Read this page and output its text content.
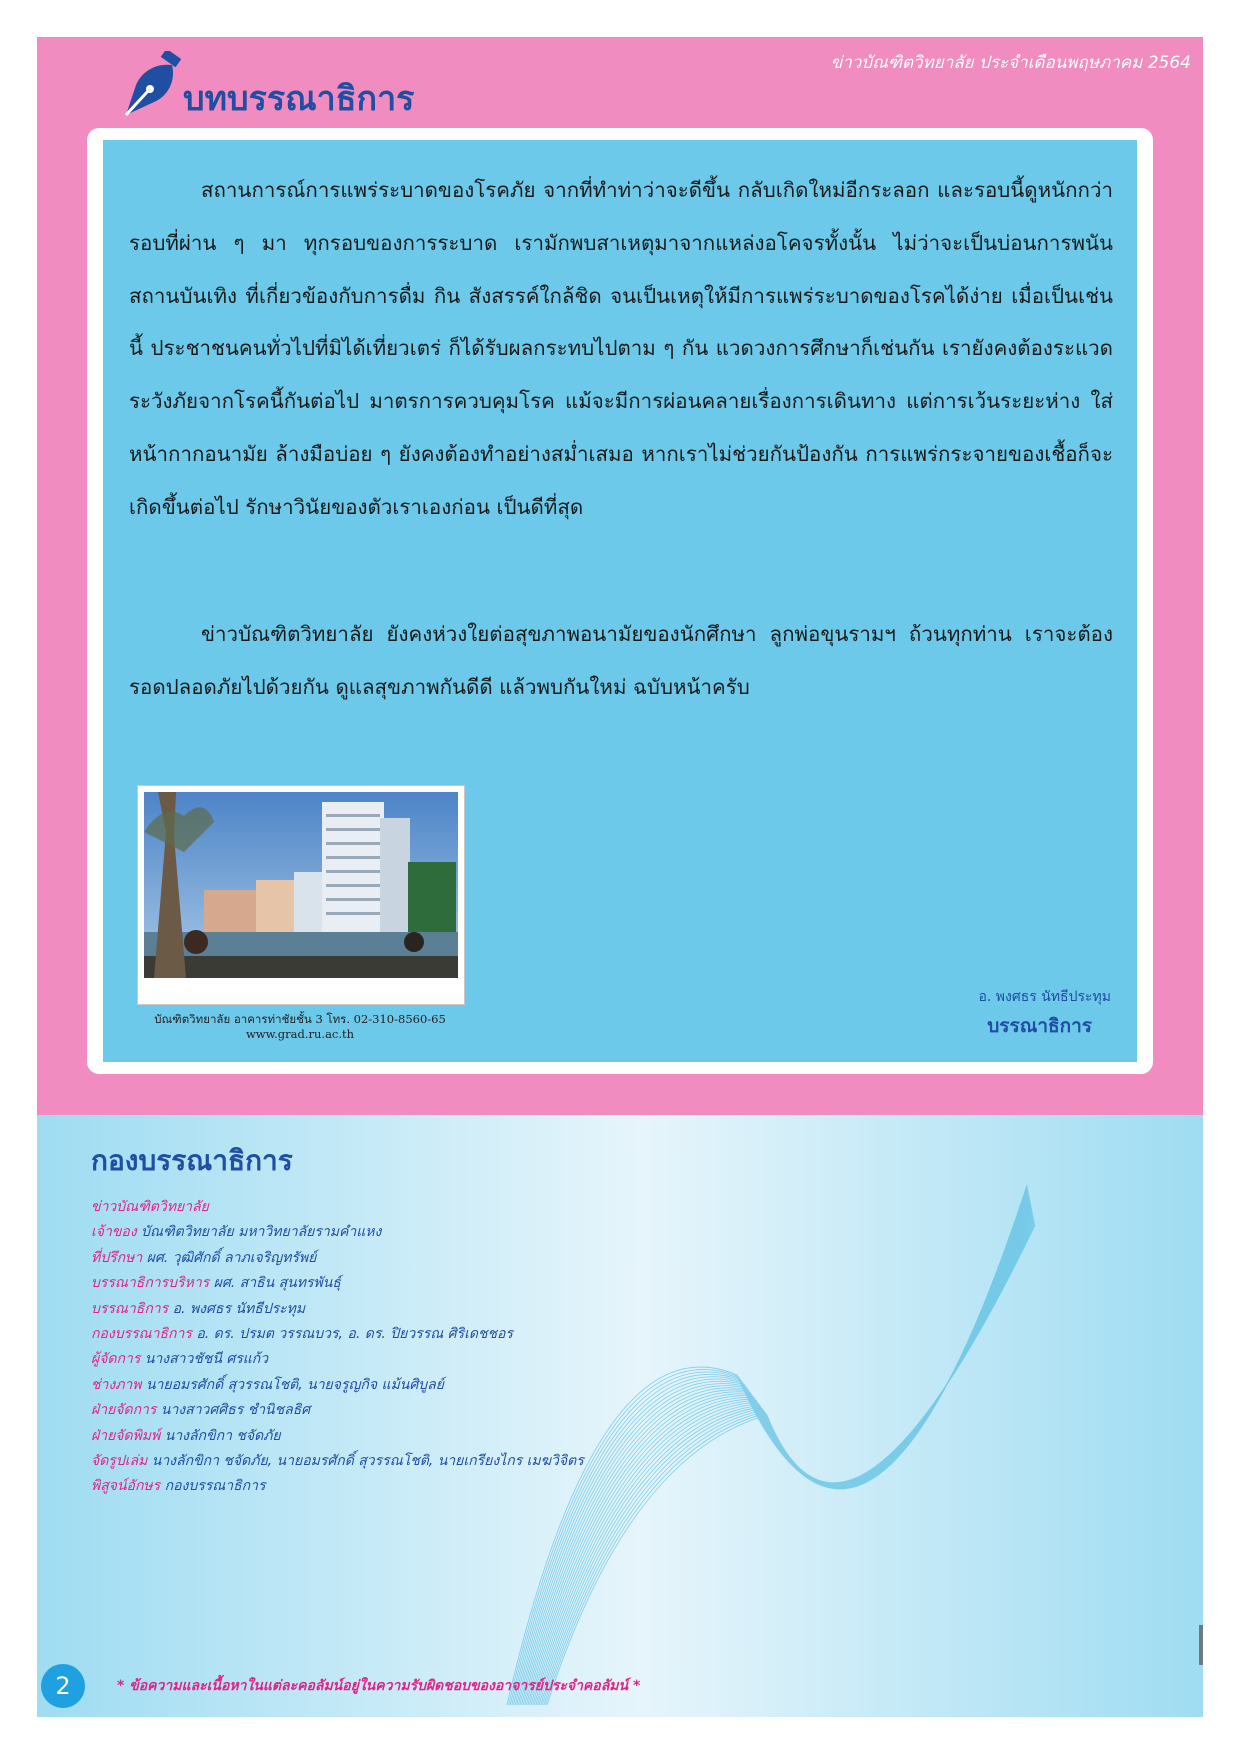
ข่าวบัณฑิตวิทยาลัย ประจำเดือนพฤษภาคม 2564
บทบรรณาธิการ
สถานการณ์การแพร่ระบาดของโรคภัย จากที่ทำท่าว่าจะดีขึ้น กลับเกิดใหม่อีกระลอก และรอบนี้ดูหนักกว่ารอบที่ผ่าน ๆ มา ทุกรอบของการระบาด เรามักพบสาเหตุมาจากแหล่งอโคจรทั้งนั้น ไม่ว่าจะเป็นบ่อนการพนัน สถานบันเทิง ที่เกี่ยวข้องกับการดื่ม กิน สังสรรค์ใกล้ชิด จนเป็นเหตุให้มีการแพร่ระบาดของโรคได้ง่าย เมื่อเป็นเช่นนี้ ประชาชนคนทั่วไปที่มิได้เที่ยวเตร่ ก็ได้รับผลกระทบไปตาม ๆ กัน แวดวงการศึกษาก็เช่นกัน เรายังคงต้องระแวดระวังภัยจากโรคนี้กันต่อไป มาตรการควบคุมโรค แม้จะมีการผ่อนคลายเรื่องการเดินทาง แต่การเว้นระยะห่าง ใส่หน้ากากอนามัย ล้างมือบ่อย ๆ ยังคงต้องทำอย่างสม่ำเสมอ หากเราไม่ช่วยกันป้องกัน การแพร่กระจายของเชื้อก็จะเกิดขึ้นต่อไป รักษาวินัยของตัวเราเองก่อน เป็นดีที่สุด
ข่าวบัณฑิตวิทยาลัย ยังคงห่วงใยต่อสุขภาพอนามัยของนักศึกษา ลูกพ่อขุนรามฯ ถ้วนทุกท่าน เราจะต้องรอดปลอดภัยไปด้วยกัน ดูแลสุขภาพกันดีดี แล้วพบกันใหม่ ฉบับหน้าครับ
บัณฑิตวิทยาลัย อาคารท่าชัยชั้น 3 โทร. 02-310-8560-65
www.grad.ru.ac.th
อ. พงศธร นัทธีประทุม
บรรณาธิการ
กองบรรณาธิการ
ข่าวบัณฑิตวิทยาลัย
เจ้าของ บัณฑิตวิทยาลัย มหาวิทยาลัยรามคำแหง
ที่ปรึกษา ผศ. วุฒิศักดิ์ ลาภเจริญทรัพย์
บรรณาธิการบริหาร ผศ. สาธิน สุนทรพันธุ์
บรรณาธิการ อ. พงศธร นัทธีประทุม
กองบรรณาธิการ อ. ดร. ปรมต วรรณบวร, อ. ดร. ปิยวรรณ ศิริเดชชอร
ผู้จัดการ นางสาวชัชนี ศรแก้ว
ช่างภาพ นายอมรศักดิ์ สุวรรณโชติ, นายจรูญกิจ แม้นศิบูลย์
ฝ่ายจัดการ นางสาวศศิธร ชำนิชลธิศ
ฝ่ายจัดพิมพ์ นางลักขิกา ชจัดภัย
จัดรูปเล่ม นางลักขิกา ชจัดภัย, นายอมรศักดิ์ สุวรรณโชติ, นายเกรียงไกร เมฆวิจิตร
พิสูจน์อักษร กองบรรณาธิการ
2	* ข้อความและเนื้อหาในแต่ละคอลัมน์อยู่ในความรับผิดชอบของอาจารย์ประจำคอลัมน์ *
